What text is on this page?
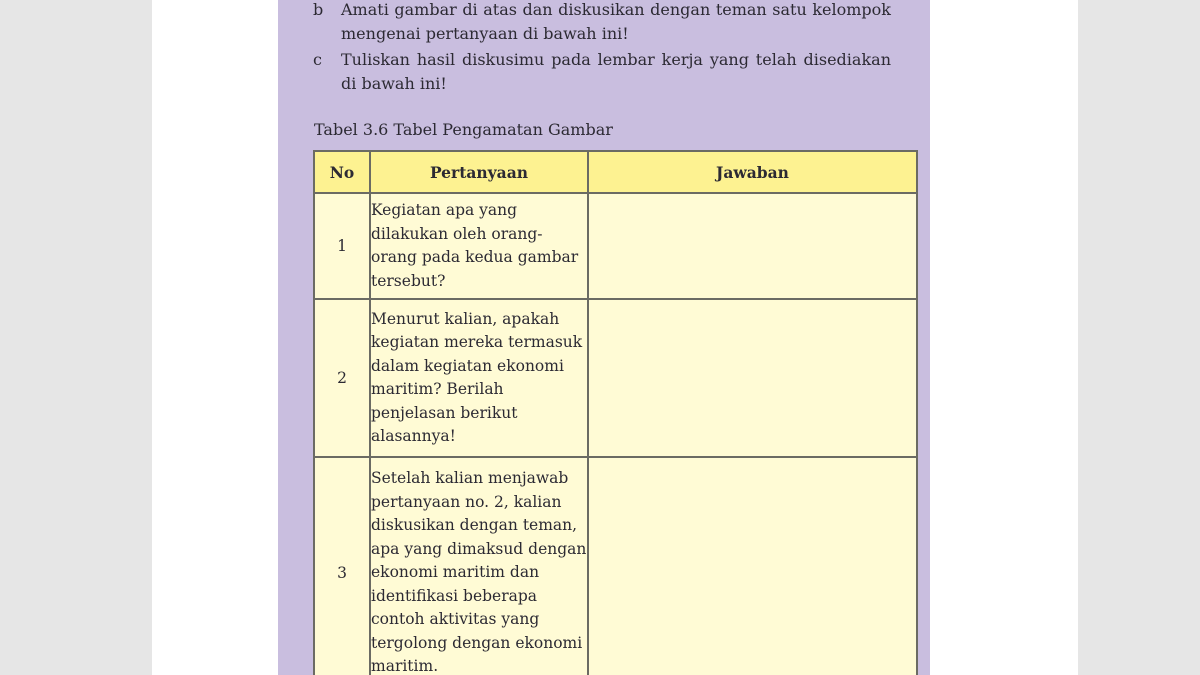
b Amati gambar di atas dan diskusikan dengan teman satu kelompok mengenai pertanyaan di bawah ini!
c Tuliskan hasil diskusimu pada lembar kerja yang telah disediakan di bawah ini!
Tabel 3.6 Tabel Pengamatan Gambar
No	Pertanyaan	Jawaban
1	Kegiatan apa yang dilakukan oleh orang-orang pada kedua gambar tersebut?	
2	Menurut kalian, apakah kegiatan mereka termasuk dalam kegiatan ekonomi maritim? Berilah penjelasan berikut alasannya!	
3	Setelah kalian menjawab pertanyaan no. 2, kalian diskusikan dengan teman, apa yang dimaksud dengan ekonomi maritim dan identifikasi beberapa contoh aktivitas yang tergolong dengan ekonomi maritim.	
